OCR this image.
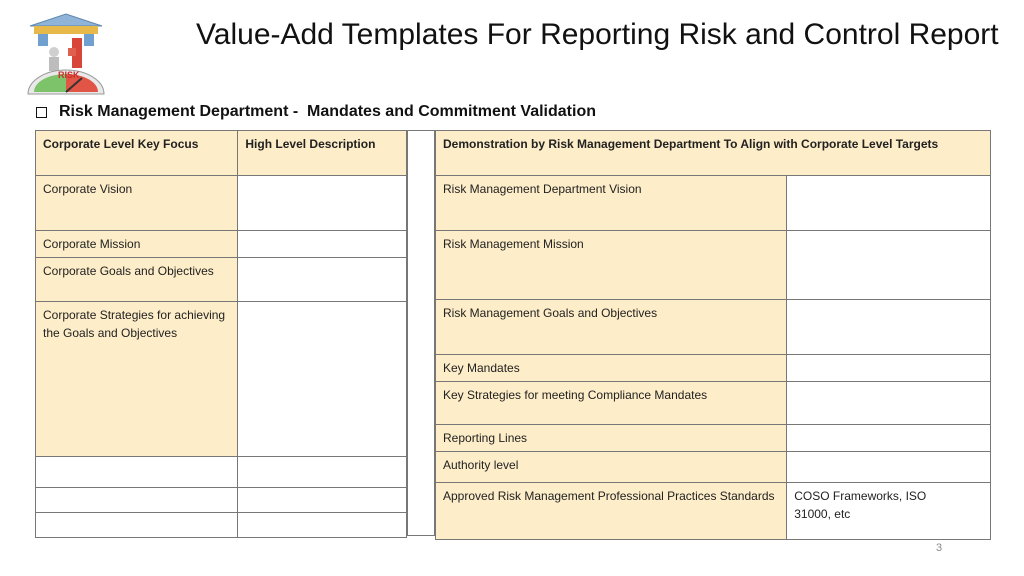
RISK
Value-Add Templates For Reporting Risk and Control Report
Risk Management Department -  Mandates and Commitment Validation
Corporate Level Key Focus	High Level Description
Corporate Vision	
Corporate Mission	
Corporate Goals and Objectives	
Corporate Strategies for achieving the Goals and Objectives	

Demonstration by Risk Management Department To Align with Corporate Level Targets	
Risk Management Department Vision	
Risk Management Mission	
Risk Management Goals and Objectives	
Key Mandates	
Key Strategies for meeting Compliance Mandates	
Reporting Lines	
Authority level	
Approved Risk Management Professional Practices Standards	COSO Frameworks, ISO 31000, etc
3
